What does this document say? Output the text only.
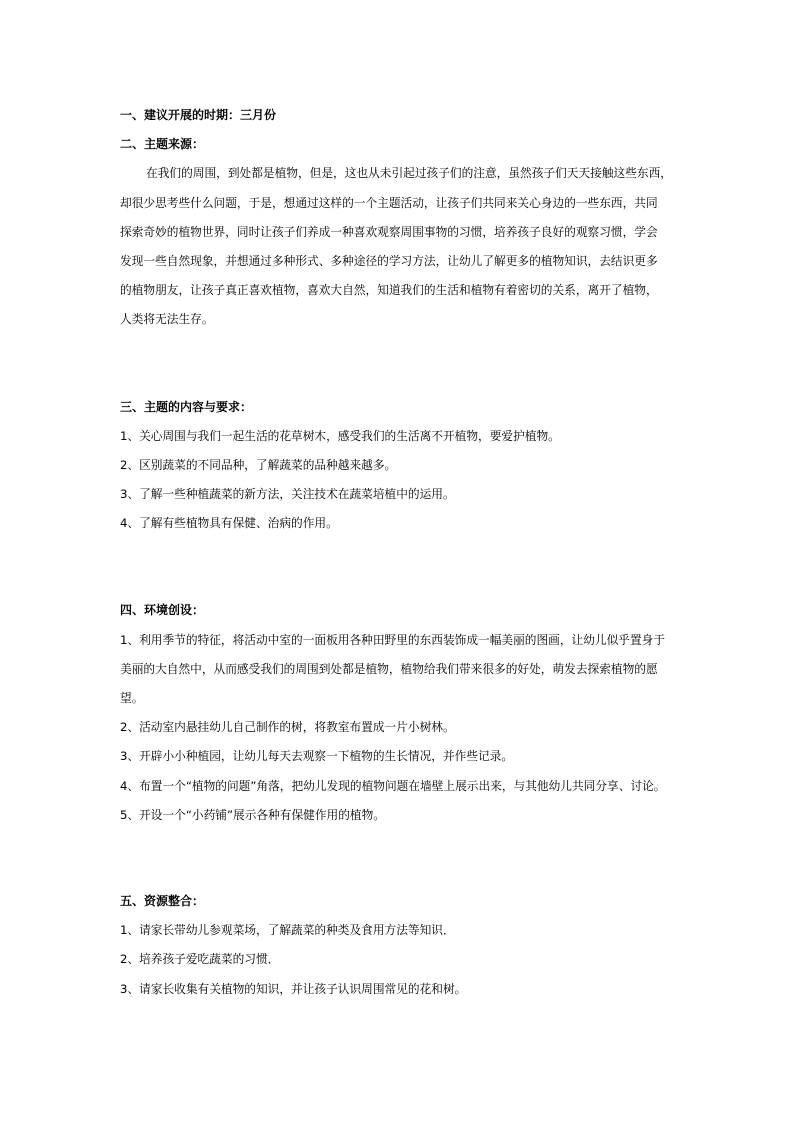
一、建议开展的时期：三月份
二、主题来源：
在我们的周围，到处都是植物，但是，这也从未引起过孩子们的注意，虽然孩子们天天接触这些东西，
却很少思考些什么问题，于是，想通过这样的一个主题活动，让孩子们共同来关心身边的一些东西，共同
探索奇妙的植物世界，同时让孩子们养成一种喜欢观察周围事物的习惯，培养孩子良好的观察习惯，学会
发现一些自然现象，并想通过多种形式、多种途径的学习方法，让幼儿了解更多的植物知识，去结识更多
的植物朋友，让孩子真正喜欢植物，喜欢大自然，知道我们的生活和植物有着密切的关系，离开了植物，
人类将无法生存。
三、主题的内容与要求：
1、关心周围与我们一起生活的花草树木，感受我们的生活离不开植物，要爱护植物。
2、区别蔬菜的不同品种，了解蔬菜的品种越来越多。
3、了解一些种植蔬菜的新方法，关注技术在蔬菜培植中的运用。
4、了解有些植物具有保健、治病的作用。
四、环境创设：
1、利用季节的特征，将活动中室的一面板用各种田野里的东西装饰成一幅美丽的图画，让幼儿似乎置身于
美丽的大自然中，从而感受我们的周围到处都是植物，植物给我们带来很多的好处，萌发去探索植物的愿
望。
2、活动室内悬挂幼儿自己制作的树，将教室布置成一片小树林。
3、开辟小小种植园，让幼儿每天去观察一下植物的生长情况，并作些记录。
4、布置一个“植物的问题”角落，把幼儿发现的植物问题在墙壁上展示出来，与其他幼儿共同分享、讨论。
5、开设一个“小药铺”展示各种有保健作用的植物。
五、资源整合：
1、请家长带幼儿参观菜场，了解蔬菜的种类及食用方法等知识．
2、培养孩子爱吃蔬菜的习惯．
3、请家长收集有关植物的知识，并让孩子认识周围常见的花和树。
